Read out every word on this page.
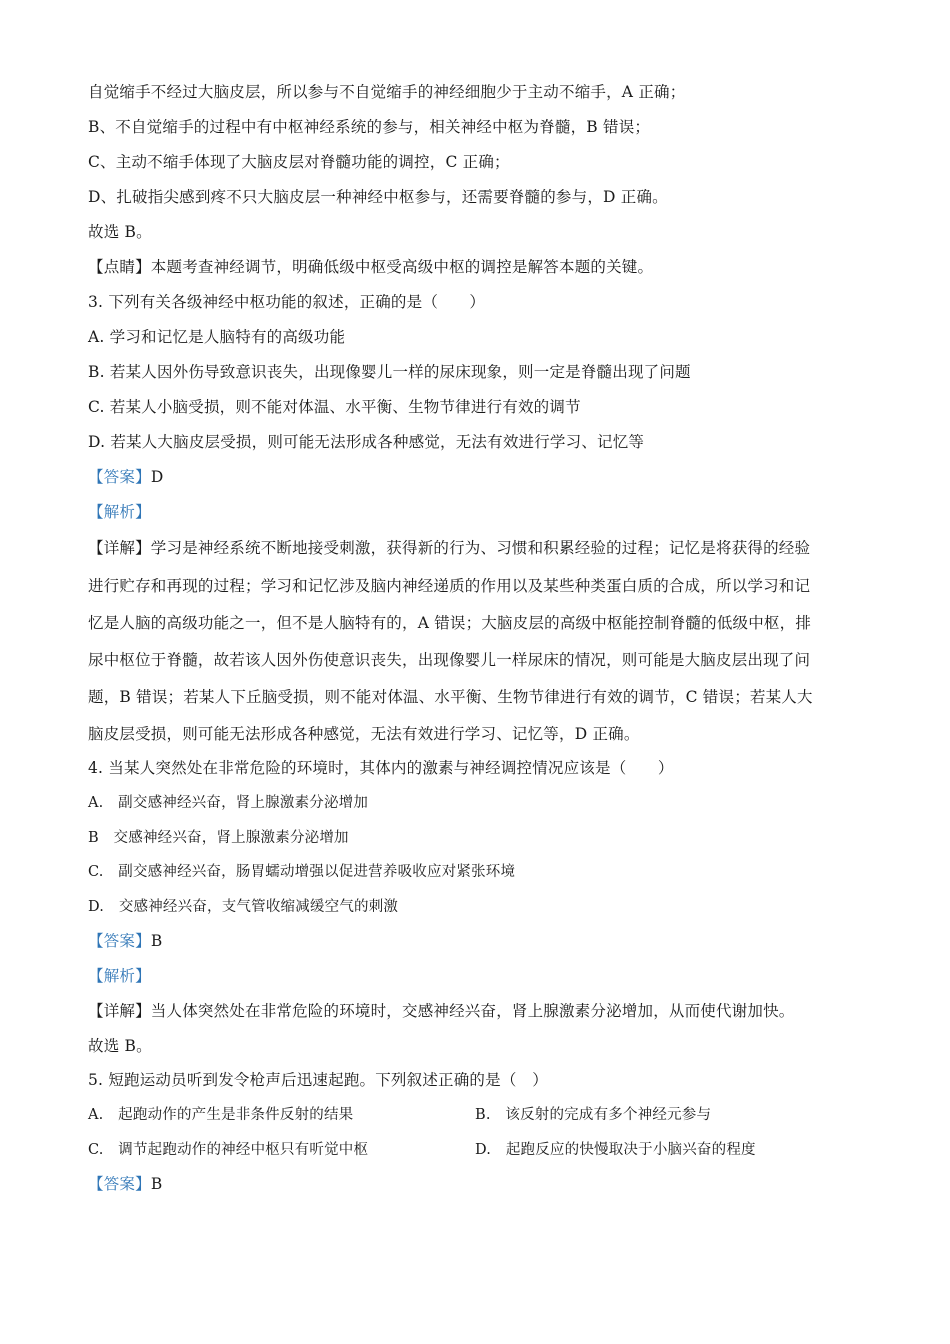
自觉缩手不经过大脑皮层，所以参与不自觉缩手的神经细胞少于主动不缩手，A 正确；
B、不自觉缩手的过程中有中枢神经系统的参与，相关神经中枢为脊髓，B 错误；
C、主动不缩手体现了大脑皮层对脊髓功能的调控，C 正确；
D、扎破指尖感到疼不只大脑皮层一种神经中枢参与，还需要脊髓的参与，D 正确。
故选 B。
【点睛】本题考查神经调节，明确低级中枢受高级中枢的调控是解答本题的关键。
3. 下列有关各级神经中枢功能的叙述，正确的是（　　）
A. 学习和记忆是人脑特有的高级功能
B. 若某人因外伤导致意识丧失，出现像婴儿一样的尿床现象，则一定是脊髓出现了问题
C. 若某人小脑受损，则不能对体温、水平衡、生物节律进行有效的调节
D. 若某人大脑皮层受损，则可能无法形成各种感觉，无法有效进行学习、记忆等
【答案】D
【解析】
【详解】学习是神经系统不断地接受刺激，获得新的行为、习惯和积累经验的过程；记忆是将获得的经验
进行贮存和再现的过程；学习和记忆涉及脑内神经递质的作用以及某些种类蛋白质的合成，所以学习和记
忆是人脑的高级功能之一，但不是人脑特有的，A 错误；大脑皮层的高级中枢能控制脊髓的低级中枢，排
尿中枢位于脊髓，故若该人因外伤使意识丧失，出现像婴儿一样尿床的情况，则可能是大脑皮层出现了问
题，B 错误；若某人下丘脑受损，则不能对体温、水平衡、生物节律进行有效的调节，C 错误；若某人大
脑皮层受损，则可能无法形成各种感觉，无法有效进行学习、记忆等，D 正确。
4. 当某人突然处在非常危险的环境时，其体内的激素与神经调控情况应该是（　　）
A.　副交感神经兴奋，肾上腺激素分泌增加
B　交感神经兴奋，肾上腺激素分泌增加
C.　副交感神经兴奋，肠胃蠕动增强以促进营养吸收应对紧张环境
D.　交感神经兴奋，支气管收缩减缓空气的刺激
【答案】B
【解析】
【详解】当人体突然处在非常危险的环境时，交感神经兴奋，肾上腺激素分泌增加，从而使代谢加快。
故选 B。
5. 短跑运动员听到发令枪声后迅速起跑。下列叙述正确的是（　）
A.　起跑动作的产生是非条件反射的结果	B.　该反射的完成有多个神经元参与
C.　调节起跑动作的神经中枢只有听觉中枢	D.　起跑反应的快慢取决于小脑兴奋的程度
【答案】B
